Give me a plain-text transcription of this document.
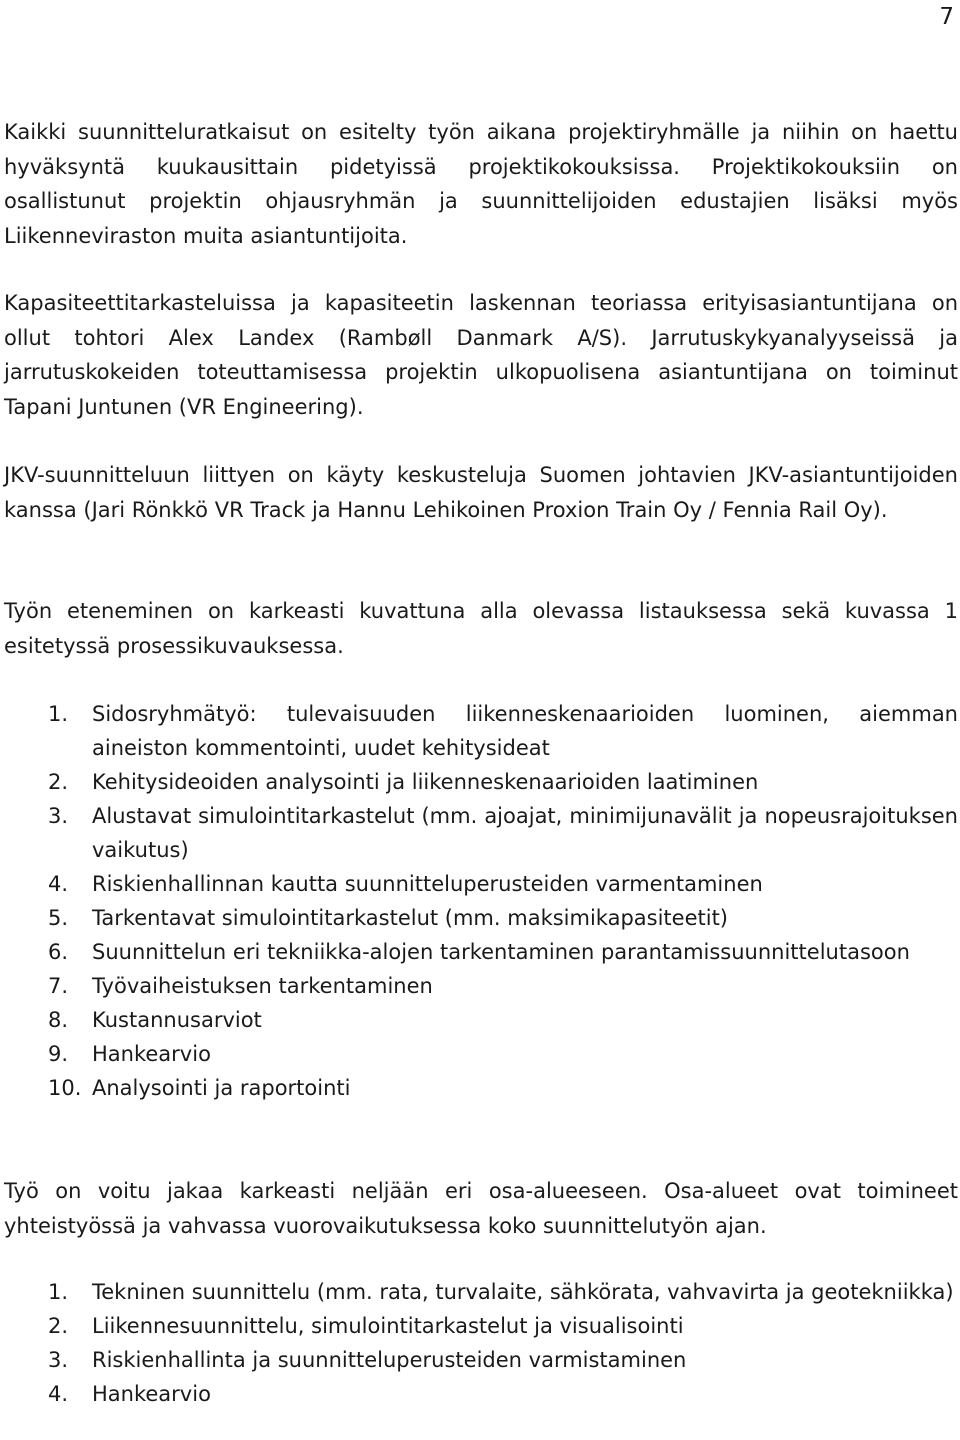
7

Kaikki suunnitteluratkaisut on esitelty työn aikana projektiryhmälle ja niihin on haettu hyväksyntä kuukausittain pidetyissä projektikokouksissa. Projektikokouksiin on osallistunut projektin ohjausryhmän ja suunnittelijoiden edustajien lisäksi myös Liikenneviraston muita asiantuntijoita.

Kapasiteettitarkasteluissa ja kapasiteetin laskennan teoriassa erityisasiantuntijana on ollut tohtori Alex Landex (Rambøll Danmark A/S). Jarrutuskykyanalyyseissä ja jarrutuskokeiden toteuttamisessa projektin ulkopuolisena asiantuntijana on toiminut Tapani Juntunen (VR Engineering).

JKV-suunnitteluun liittyen on käyty keskusteluja Suomen johtavien JKV-asiantuntijoiden kanssa (Jari Rönkkö VR Track ja Hannu Lehikoinen Proxion Train Oy / Fennia Rail Oy).

Työn eteneminen on karkeasti kuvattuna alla olevassa listauksessa sekä kuvassa 1 esitetyssä prosessikuvauksessa.

1. Sidosryhmätyö: tulevaisuuden liikenneskenaarioiden luominen, aiemman aineiston kommentointi, uudet kehitysideat
2. Kehitysideoiden analysointi ja liikenneskenaarioiden laatiminen
3. Alustavat simulointitarkastelut (mm. ajoajat, minimijunavälit ja nopeusrajoituksen vaikutus)
4. Riskienhallinnan kautta suunnitteluperusteiden varmentaminen
5. Tarkentavat simulointitarkastelut (mm. maksimikapasiteetit)
6. Suunnittelun eri tekniikka-alojen tarkentaminen parantamissuunnittelutasoon
7. Työvaiheistuksen tarkentaminen
8. Kustannusarviot
9. Hankearvio
10. Analysointi ja raportointi

Työ on voitu jakaa karkeasti neljään eri osa-alueeseen. Osa-alueet ovat toimineet yhteistyössä ja vahvassa vuorovaikutuksessa koko suunnittelutyön ajan.

1. Tekninen suunnittelu (mm. rata, turvalaite, sähkörata, vahvavirta ja geotekniikka)
2. Liikennesuunnittelu, simulointitarkastelut ja visualisointi
3. Riskienhallinta ja suunnitteluperusteiden varmistaminen
4. Hankearvio
